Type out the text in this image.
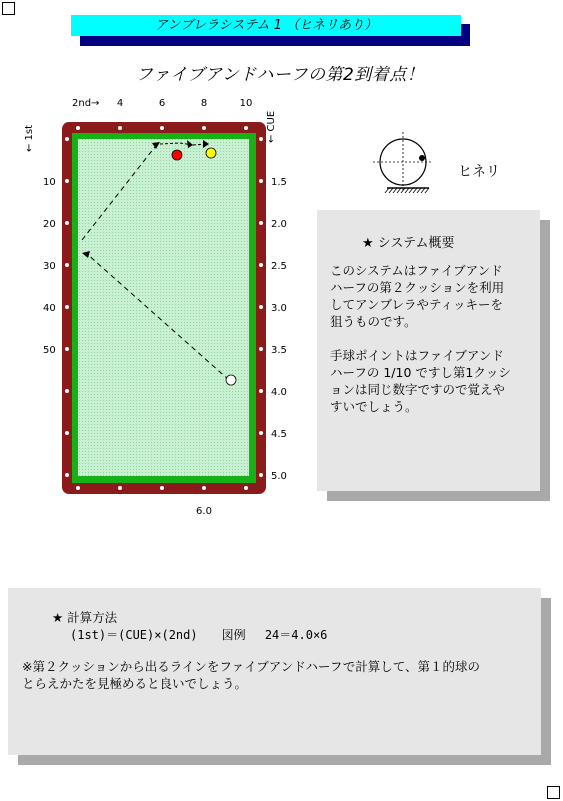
アンブレラシステム 1 （ヒネリあり）
ファイブアンドハーフの第2到着点！
2nd→ 4	6	8	10
← 1st	← CUE
10
20
30
40
50
1.5
2.0
2.5
3.0
3.5
4.0
4.5
5.0
6.0
ヒネリ
★ システム概要
このシステムはファイブアンド
ハーフの第２クッションを利用
してアンブレラやティッキーを
狙うものです。

手球ポイントはファイブアンド
ハーフの 1/10 ですし第1クッシ
ョンは同じ数字ですので覚えや
すいでしょう。
★ 計算方法
(1st)＝(CUE)×(2nd)　　図例　 24＝4.0×6
※第２クッションから出るラインをファイブアンドハーフで計算して、第１的球の
とらえかたを見極めると良いでしょう。
